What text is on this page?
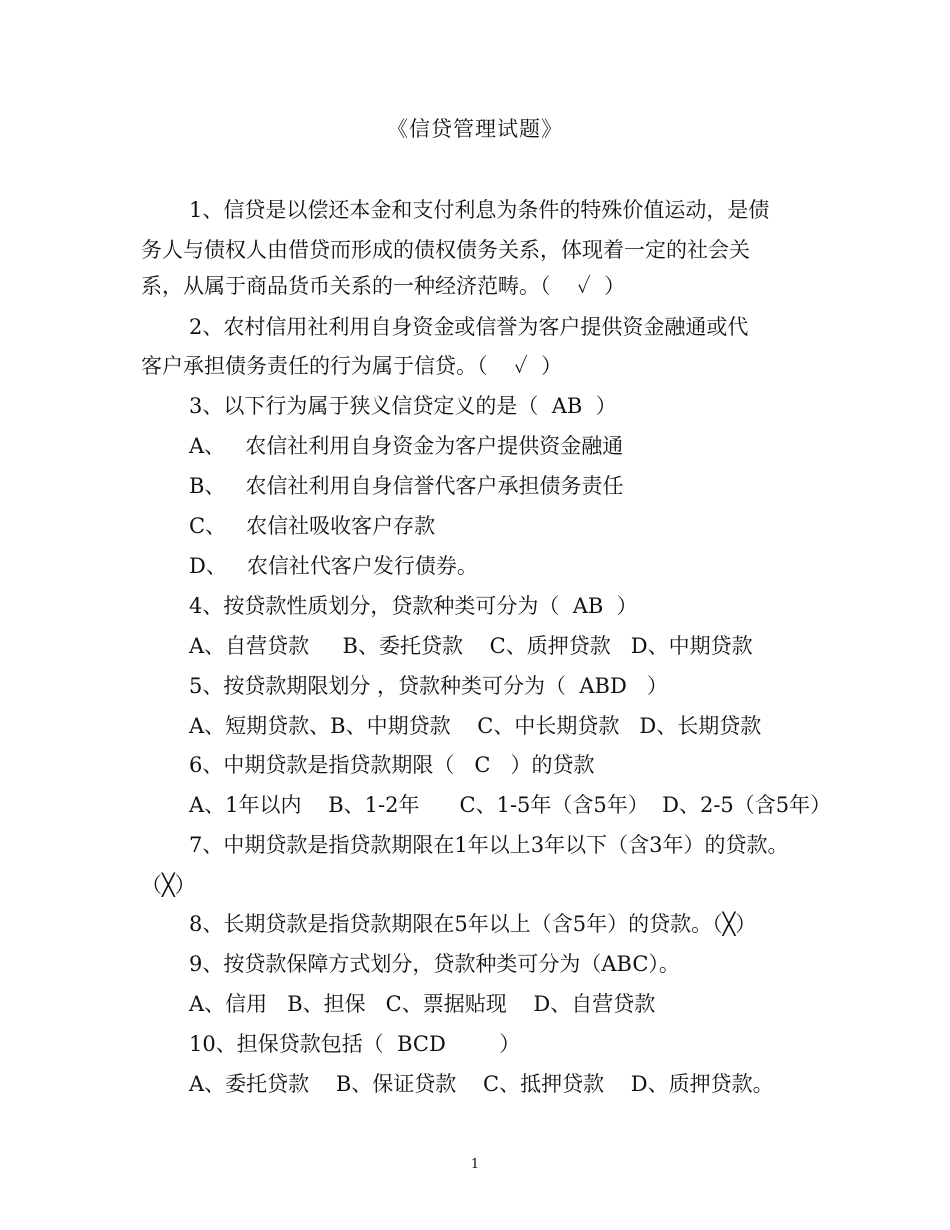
《信贷管理试题》
1、信贷是以偿还本金和支付利息为条件的特殊价值运动，是债
务人与债权人由借贷而形成的债权债务关系，体现着一定的社会关
系，从属于商品货币关系的一种经济范畴。（    ✓  ）
2、农村信用社利用自身资金或信誉为客户提供资金融通或代
客户承担债务责任的行为属于信贷。（    ✓  ）
3、以下行为属于狭义信贷定义的是（  AB  ）
A、   农信社利用自身资金为客户提供资金融通
B、   农信社利用自身信誉代客户承担债务责任
C、   农信社吸收客户存款
D、   农信社代客户发行债券。
4、按贷款性质划分，贷款种类可分为（  AB  ）
A、自营贷款     B、委托贷款    C、质押贷款   D、中期贷款
5、按贷款期限划分 ，贷款种类可分为（  ABD   ）
A、短期贷款、B、中期贷款    C、中长期贷款   D、长期贷款
6、中期贷款是指贷款期限（   C   ）的贷款
A、1年以内    B、1-2年      C、1-5年（含5年）  D、2-5（含5年）
7、中期贷款是指贷款期限在1年以上3年以下（含3年）的贷款。
（╳）
8、长期贷款是指贷款期限在5年以上（含5年）的贷款。（╳）
9、按贷款保障方式划分，贷款种类可分为（ABC）。
A、信用   B、担保   C、票据贴现    D、自营贷款
10、担保贷款包括（  BCD        ）
A、委托贷款    B、保证贷款    C、抵押贷款    D、质押贷款。
1
